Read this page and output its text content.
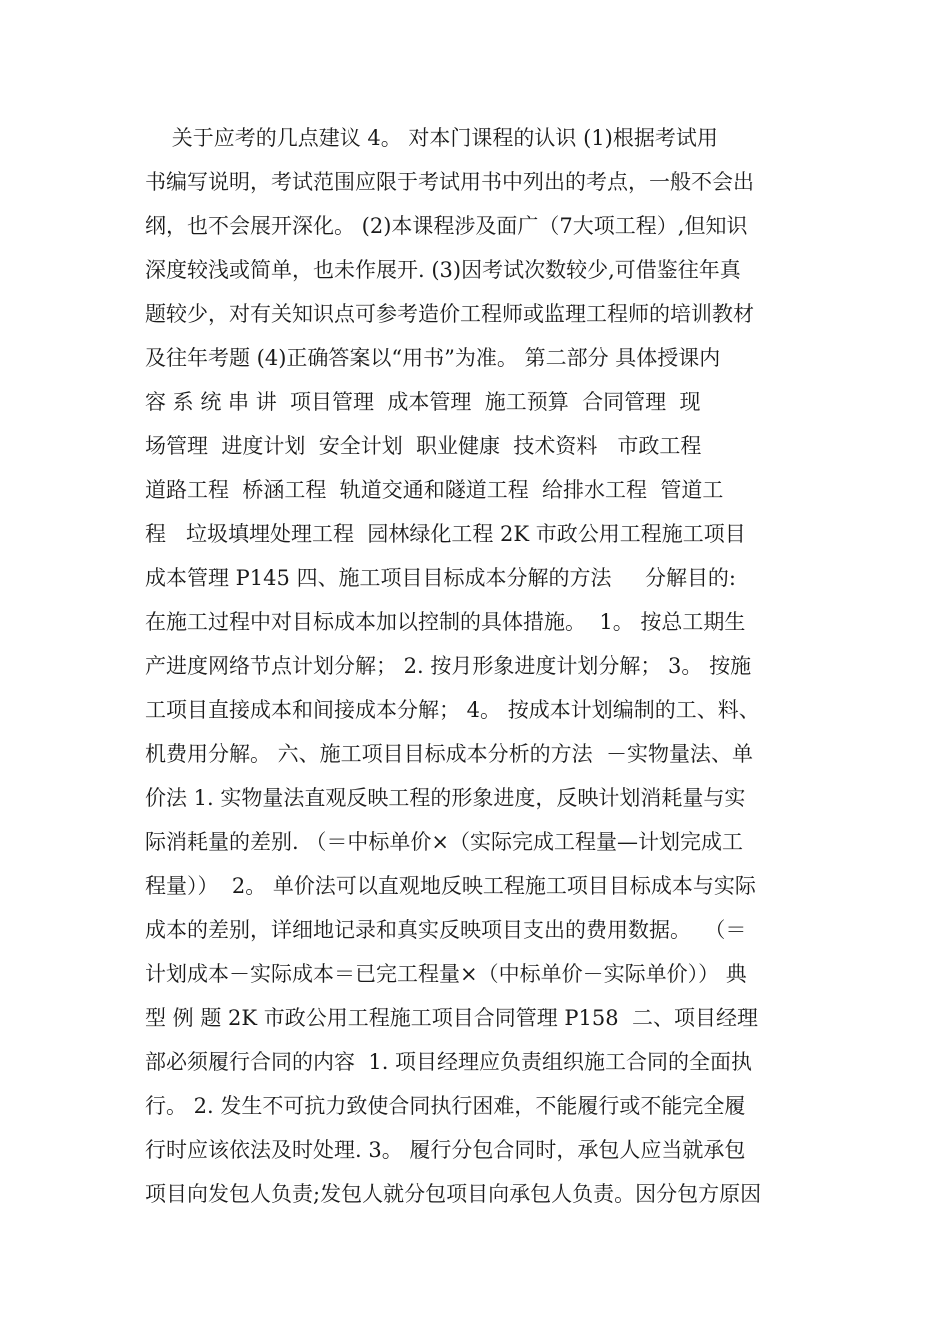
关于应考的几点建议 4。 对本门课程的认识 (1)根据考试用
书编写说明，考试范围应限于考试用书中列出的考点，一般不会出
纲，也不会展开深化。 (2)本课程涉及面广（7大项工程）,但知识
深度较浅或简单，也未作展开. (3)因考试次数较少,可借鉴往年真
题较少，对有关知识点可参考造价工程师或监理工程师的培训教材
及往年考题 (4)正确答案以“用书”为准。 第二部分 具体授课内
容 系 统 串 讲  项目管理  成本管理  施工预算  合同管理  现
场管理  进度计划  安全计划  职业健康  技术资料   市政工程
道路工程  桥涵工程  轨道交通和隧道工程  给排水工程  管道工
程   垃圾填埋处理工程  园林绿化工程 2K 市政公用工程施工项目
成本管理 P145 四、施工项目目标成本分解的方法     分解目的:
在施工过程中对目标成本加以控制的具体措施。  1。 按总工期生
产进度网络节点计划分解； 2. 按月形象进度计划分解； 3。 按施
工项目直接成本和间接成本分解； 4。 按成本计划编制的工、料、
机费用分解。 六、施工项目目标成本分析的方法  －实物量法、单
价法 1. 实物量法直观反映工程的形象进度，反映计划消耗量与实
际消耗量的差别. （＝中标单价×（实际完成工程量—计划完成工
程量））  2。 单价法可以直观地反映工程施工项目目标成本与实际
成本的差别，详细地记录和真实反映项目支出的费用数据。  （＝
计划成本－实际成本＝已完工程量×（中标单价－实际单价）） 典
型 例 题 2K 市政公用工程施工项目合同管理 P158  二、项目经理
部必须履行合同的内容  1. 项目经理应负责组织施工合同的全面执
行。 2. 发生不可抗力致使合同执行困难，不能履行或不能完全履
行时应该依法及时处理. 3。 履行分包合同时，承包人应当就承包
项目向发包人负责;发包人就分包项目向承包人负责。因分包方原因
